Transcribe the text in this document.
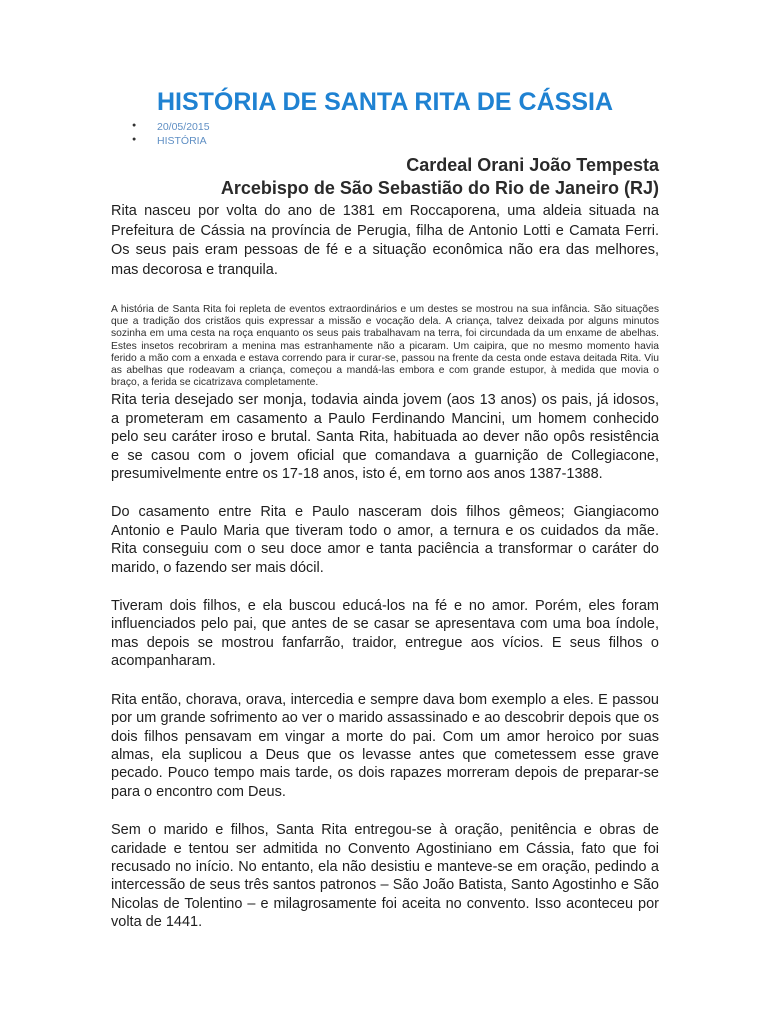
HISTÓRIA DE SANTA RITA DE CÁSSIA
● 20/05/2015
● HISTÓRIA
Cardeal Orani João Tempesta
Arcebispo de São Sebastião do Rio de Janeiro (RJ)

Rita nasceu por volta do ano de 1381 em Roccaporena, uma aldeia situada na Prefeitura de Cássia na província de Perugia, filha de Antonio Lotti e Camata Ferri. Os seus pais eram pessoas de fé e a situação econômica não era das melhores, mas decorosa e tranquila.

A história de Santa Rita foi repleta de eventos extraordinários e um destes se mostrou na sua infância. São situações que a tradição dos cristãos quis expressar a missão e vocação dela. A criança, talvez deixada por alguns minutos sozinha em uma cesta na roça enquanto os seus pais trabalhavam na terra, foi circundada da um enxame de abelhas. Estes insetos recobriram a menina mas estranhamente não a picaram. Um caipira, que no mesmo momento havia ferido a mão com a enxada e estava correndo para ir curar-se, passou na frente da cesta onde estava deitada Rita. Viu as abelhas que rodeavam a criança, começou a mandá-las embora e com grande estupor, à medida que movia o braço, a ferida se cicatrizava completamente.

Rita teria desejado ser monja, todavia ainda jovem (aos 13 anos) os pais, já idosos, a prometeram em casamento a Paulo Ferdinando Mancini, um homem conhecido pelo seu caráter iroso e brutal. Santa Rita, habituada ao dever não opôs resistência e se casou com o jovem oficial que comandava a guarnição de Collegiacone, presumivelmente entre os 17-18 anos, isto é, em torno aos anos 1387-1388.

Do casamento entre Rita e Paulo nasceram dois filhos gêmeos; Giangiacomo Antonio e Paulo Maria que tiveram todo o amor, a ternura e os cuidados da mãe. Rita conseguiu com o seu doce amor e tanta paciência a transformar o caráter do marido, o fazendo ser mais dócil.

Tiveram dois filhos, e ela buscou educá-los na fé e no amor. Porém, eles foram influenciados pelo pai, que antes de se casar se apresentava com uma boa índole, mas depois se mostrou fanfarrão, traidor, entregue aos vícios. E seus filhos o acompanharam.

Rita então, chorava, orava, intercedia e sempre dava bom exemplo a eles. E passou por um grande sofrimento ao ver o marido assassinado e ao descobrir depois que os dois filhos pensavam em vingar a morte do pai. Com um amor heroico por suas almas, ela suplicou a Deus que os levasse antes que cometessem esse grave pecado. Pouco tempo mais tarde, os dois rapazes morreram depois de preparar-se para o encontro com Deus.

Sem o marido e filhos, Santa Rita entregou-se à oração, penitência e obras de caridade e tentou ser admitida no Convento Agostiniano em Cássia, fato que foi recusado no início. No entanto, ela não desistiu e manteve-se em oração, pedindo a intercessão de seus três santos patronos – São João Batista, Santo Agostinho e São Nicolas de Tolentino – e milagrosamente foi aceita no convento. Isso aconteceu por volta de 1441.
